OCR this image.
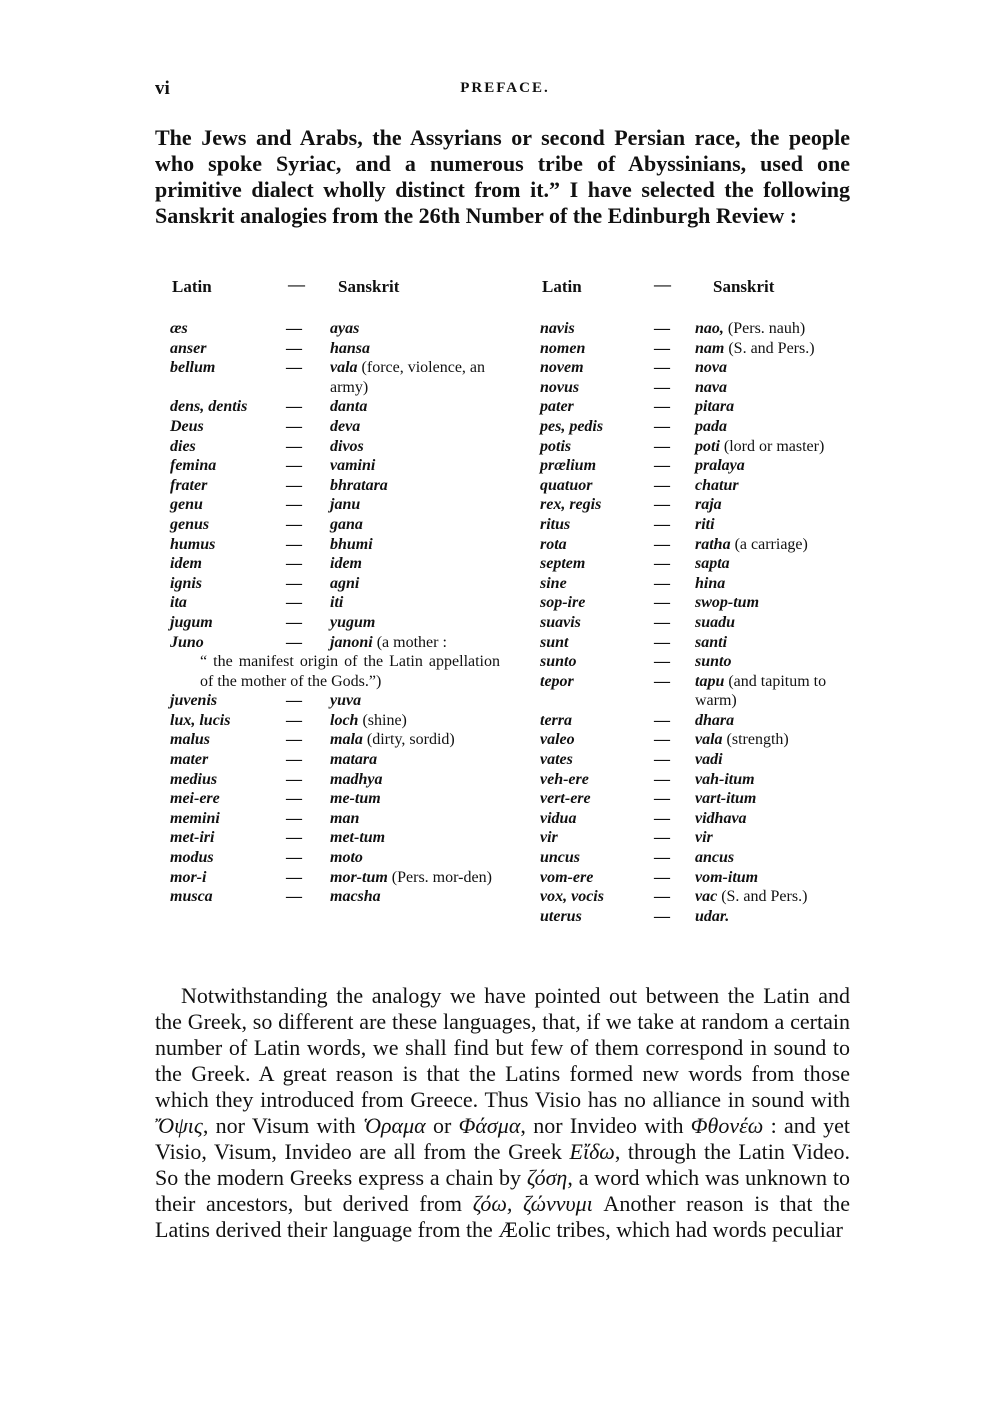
vi	PREFACE.
The Jews and Arabs, the Assyrians or second Persian race, the people who spoke Syriac, and a numerous tribe of Abyssinians, used one primitive dialect wholly distinct from it.” I have selected the following Sanskrit analogies from the 26th Number of the Edinburgh Review :
Latin	— Sanskrit
æs	— ayas
anser	— hansa
bellum	— vala (force, violence, an army)
dens, dentis — danta
Deus	— deva
dies	— divos
femina	— vamini
frater	— bhratara
genu	— janu
genus	— gana
humus	— bhumi
idem	— idem
ignis	— agni
ita	— iti
jugum	— yugum
Juno	— janoni (a mother :
“ the manifest origin of the Latin appellation of the mother of the Gods.”)
juvenis	— yuva
lux, lucis	— loch (shine)
malus	— mala (dirty, sordid)
mater	— matara
medius	— madhya
mei-ere	— me-tum
memini	— man
met-iri	— met-tum
modus	— moto
mor-i	— mor-tum (Pers. mor-den)
musca	— macsha
Latin	— Sanskrit
navis	— nao, (Pers. nauh)
nomen	— nam (S. and Pers.)
novem	— nova
novus	— nava
pater	— pitara
pes, pedis	— pada
potis	— poti (lord or master)
prælium	— pralaya
quatuor	— chatur
rex, regis	— raja
ritus	— riti
rota	— ratha (a carriage)
septem	— sapta
sine	— hina
sop-ire	— swop-tum
suavis	— suadu
sunt	— santi
sunto	— sunto
tepor	— tapu (and tapitum to warm)
terra	— dhara
valeo	— vala (strength)
vates	— vadi
veh-ere	— vah-itum
vert-ere	— vart-itum
vidua	— vidhava
vir	— vir
uncus	— ancus
vom-ere	— vom-itum
vox, vocis	— vac (S. and Pers.)
uterus	— udar.
Notwithstanding the analogy we have pointed out between the Latin and the Greek, so different are these languages, that, if we take at random a certain number of Latin words, we shall find but few of them correspond in sound to the Greek. A great reason is that the Latins formed new words from those which they introduced from Greece. Thus Visio has no alliance in sound with Ὄψις, nor Visum with Ὁραμα or Φάσμα, nor Invideo with Φθονέω : and yet Visio, Visum, Invideo are all from the Greek Εἴδω, through the Latin Video. So the modern Greeks express a chain by ζόση, a word which was unknown to their ancestors, but derived from ζόω, ζώννυμι Another reason is that the Latins derived their language from the Æolic tribes, which had words peculiar
